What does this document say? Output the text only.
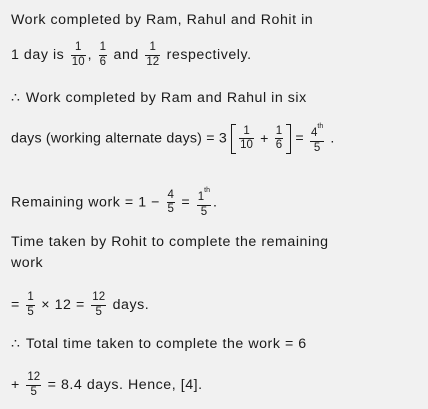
Work completed by Ram, Rahul and Rohit in
1 day is $\frac{1}{10}$ , $\frac{1}{6}$ and $\frac{1}{12}$ respectively.
∴ Work completed by Ram and Rahul in six
days (working alternate days) = $3 \frac{1}{10} + \frac{1}{6} = \frac{4^{th}}{5}$ .
Remaining work = $1 - \frac{4}{5} = \frac{1^{th}}{5}$ .
Time taken by Rohit to complete the remaining
work
= $\frac{1}{5} \times 12 = \frac{12}{5}$ days.
∴ Total time taken to complete the work = 6
+ $\frac{12}{5} = 8.4$ days. Hence, [4].
